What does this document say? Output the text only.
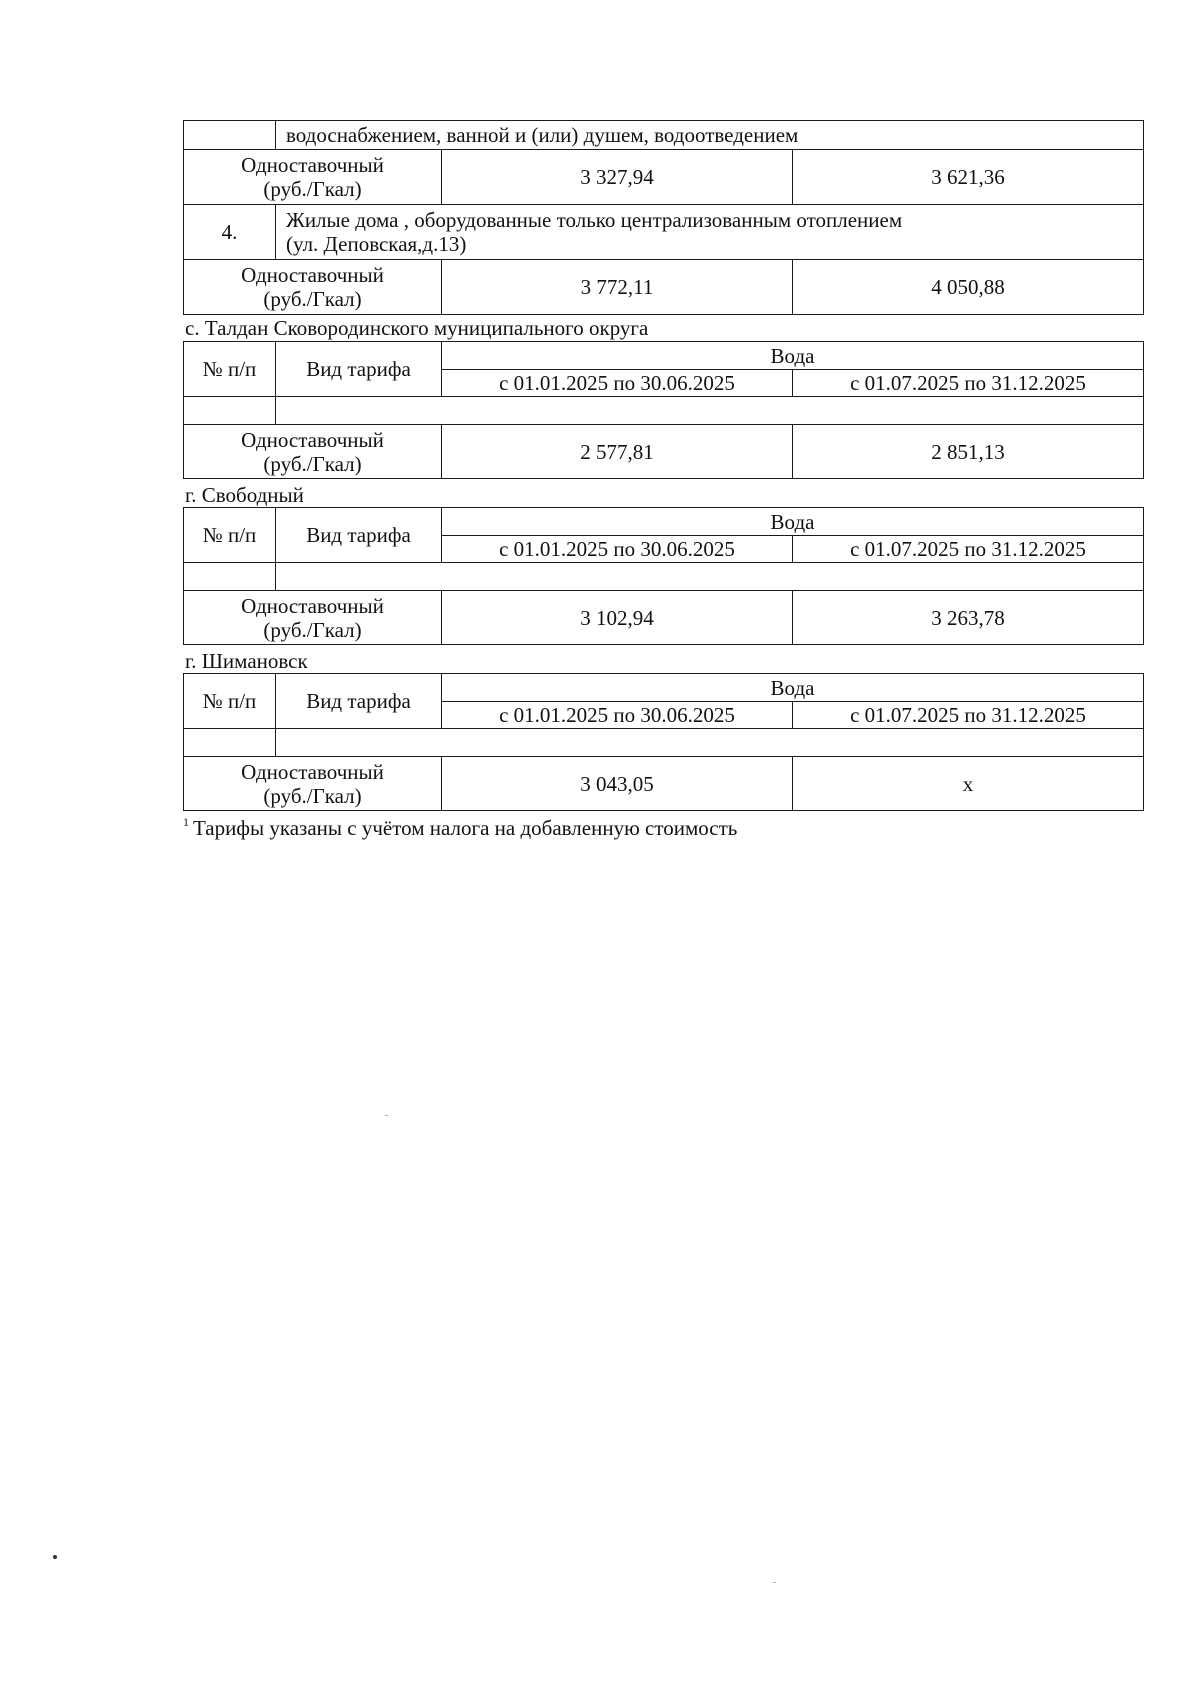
	водоснабжением, ванной и (или) душем, водоотведением		

Одноставочный
(руб./Гкал)		3 327,94	3 621,36
4.	Жилые дома , оборудованные только централизованным отоплением
(ул. Деповская,д.13)		

Одноставочный
(руб./Гкал)		3 772,11	4 050,88
с. Талдан Сковородинского муниципального округа
№ п/п	Вид тарифа	Вода	
		с 01.01.2025 по 30.06.2025	с 01.07.2025 по 31.12.2025

Одноставочный
(руб./Гкал)		2 577,81	2 851,13
г. Свободный
№ п/п	Вид тарифа	Вода	
		с 01.01.2025 по 30.06.2025	с 01.07.2025 по 31.12.2025

Одноставочный
(руб./Гкал)		3 102,94	3 263,78
г. Шимановск
№ п/п	Вид тарифа	Вода	
		с 01.01.2025 по 30.06.2025	с 01.07.2025 по 31.12.2025

Одноставочный
(руб./Гкал)		3 043,05	x
$^1$ Тарифы указаны с учётом налога на добавленную стоимость
